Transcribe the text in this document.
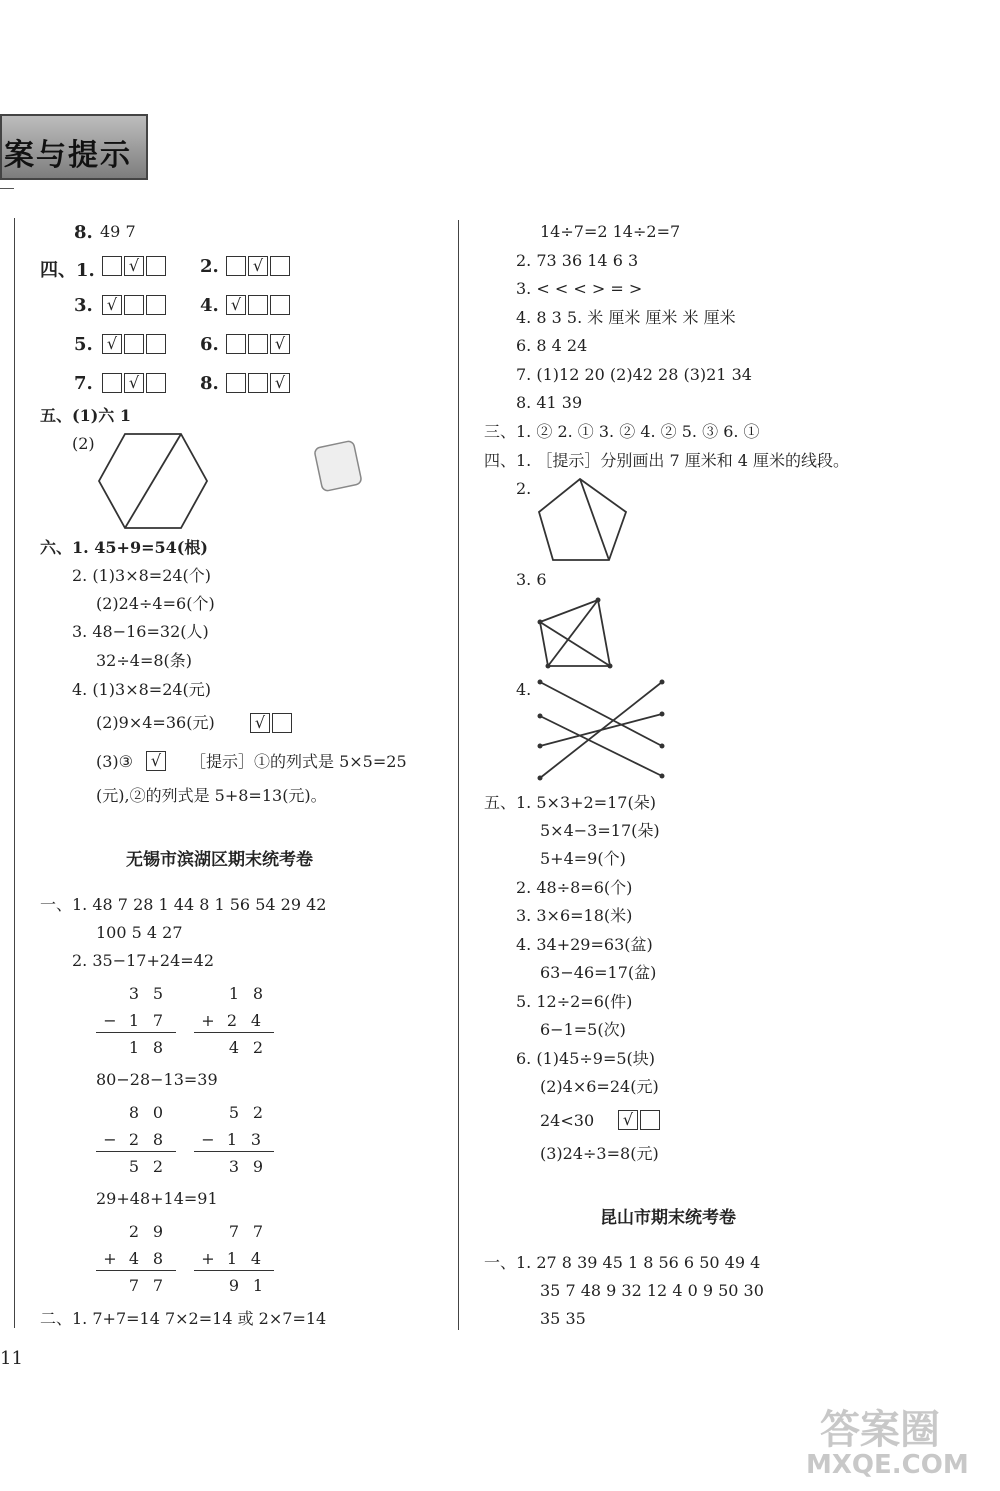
案与提示
8. 49 7
四、1.	√	2.	√
3. √	4. √
5. √	6.	√
7.	√	8.	√
五、(1)六 1
(2)
六、1. 45+9=54(根)
2. (1)3×8=24(个)
(2)24÷4=6(个)
3. 48−16=32(人)
32÷4=8(条)
4. (1)3×8=24(元)
(2)9×4=36(元)	√
(3)③	√	［提示］①的列式是 5×5=25
(元),②的列式是 5+8=13(元)。
无锡市滨湖区期末统考卷
一、1. 48 7 28 1 44 8 1 56 54 29 42
100 5 4 27
2. 35−17+24=42
3 5
− 1 7
1 8
1 8
+ 2 4
4 2
80−28−13=39
8 0
− 2 8
5 2
5 2
− 1 3
3 9
29+48+14=91
2 9
+ 4 8
7 7
7 7
+ 1 4
9 1
二、1. 7+7=14 7×2=14 或 2×7=14
11
14÷7=2 14÷2=7
2. 73 36 14 6 3
3. < < < > = >
4. 8 3 5. 米 厘米 厘米 米 厘米
6. 8 4 24
7. (1)12 20 (2)42 28 (3)21 34
8. 41 39
三、1. ② 2. ① 3. ② 4. ② 5. ③ 6. ①
四、1. ［提示］分别画出 7 厘米和 4 厘米的线段。
2.
3. 6
4.
五、1. 5×3+2=17(朵)
5×4−3=17(朵)
5+4=9(个)
2. 48÷8=6(个)
3. 3×6=18(米)
4. 34+29=63(盆)
63−46=17(盆)
5. 12÷2=6(件)
6−1=5(次)
6. (1)45÷9=5(块)
(2)4×6=24(元)
24<30	√
(3)24÷3=8(元)
昆山市期末统考卷
一、1. 27 8 39 45 1 8 56 6 50 49 4
35 7 48 9 32 12 4 0 9 50 30
35 35
答案圈
MXQE.COM
